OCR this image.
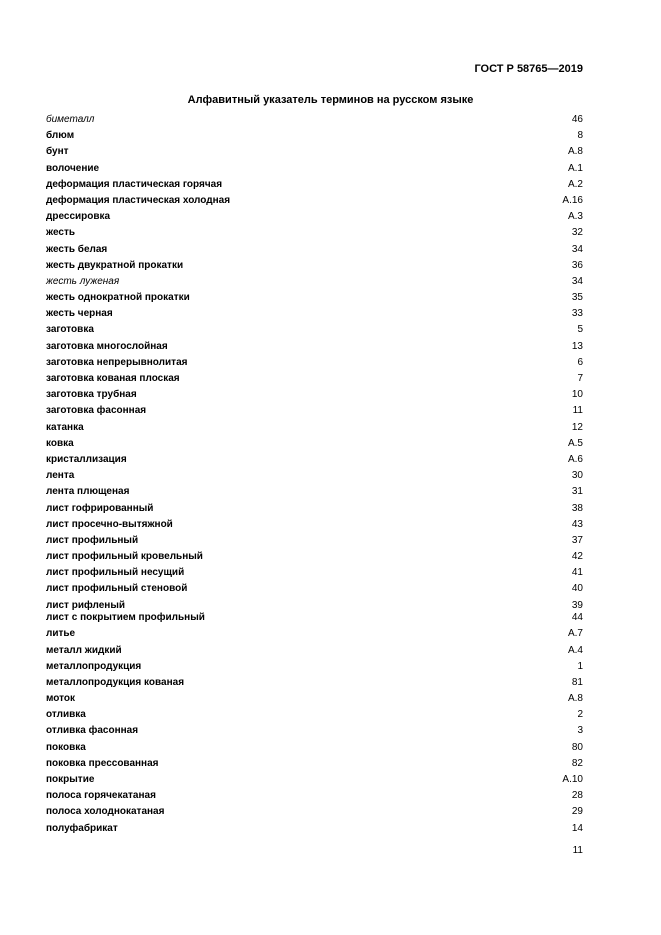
ГОСТ Р 58765—2019
Алфавитный указатель терминов на русском языке
биметалл	46
блюм	8
бунт	А.8
волочение	А.1
деформация пластическая горячая	А.2
деформация пластическая холодная	А.16
дрессировка	А.3
жесть	32
жесть белая	34
жесть двукратной прокатки	36
жесть луженая	34
жесть однократной прокатки	35
жесть черная	33
заготовка	5
заготовка многослойная	13
заготовка непрерывнолитая	6
заготовка кованая плоская	7
заготовка трубная	10
заготовка фасонная	11
катанка	12
ковка	А.5
кристаллизация	А.6
лента	30
лента плющеная	31
лист гофрированный	38
лист просечно-вытяжной	43
лист профильный	37
лист профильный кровельный	42
лист профильный несущий	41
лист профильный стеновой	40
лист рифленый	39
лист с покрытием профильный	44
литье	А.7
металл жидкий	А.4
металлопродукция	1
металлопродукция кованая	81
моток	А.8
отливка	2
отливка фасонная	3
поковка	80
поковка прессованная	82
покрытие	А.10
полоса горячекатаная	28
полоса холоднокатаная	29
полуфабрикат	14
11
